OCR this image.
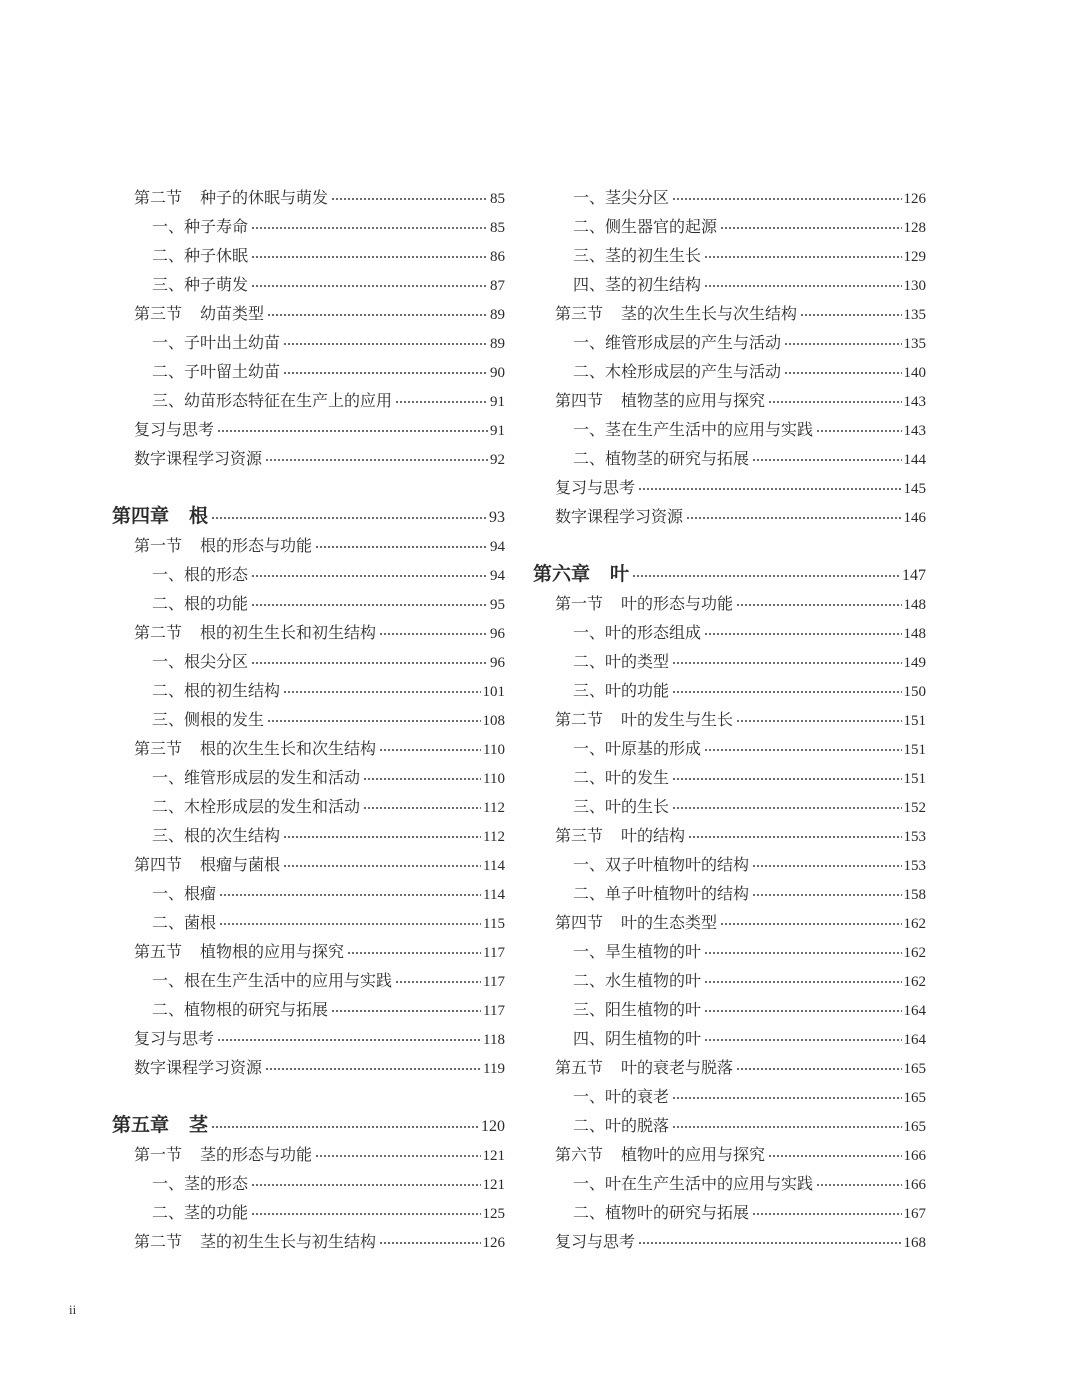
第二节 种子的休眠与萌发	85
一、种子寿命	85
二、种子休眠	86
三、种子萌发	87
第三节 幼苗类型	89
一、子叶出土幼苗	89
二、子叶留土幼苗	90
三、幼苗形态特征在生产上的应用	91
复习与思考	91
数字课程学习资源	92
第四章 根	93
第一节 根的形态与功能	94
一、根的形态	94
二、根的功能	95
第二节 根的初生生长和初生结构	96
一、根尖分区	96
二、根的初生结构	101
三、侧根的发生	108
第三节 根的次生生长和次生结构	110
一、维管形成层的发生和活动	110
二、木栓形成层的发生和活动	112
三、根的次生结构	112
第四节 根瘤与菌根	114
一、根瘤	114
二、菌根	115
第五节 植物根的应用与探究	117
一、根在生产生活中的应用与实践	117
二、植物根的研究与拓展	117
复习与思考	118
数字课程学习资源	119
第五章 茎	120
第一节 茎的形态与功能	121
一、茎的形态	121
二、茎的功能	125
第二节 茎的初生生长与初生结构	126
一、茎尖分区	126
二、侧生器官的起源	128
三、茎的初生生长	129
四、茎的初生结构	130
第三节 茎的次生生长与次生结构	135
一、维管形成层的产生与活动	135
二、木栓形成层的产生与活动	140
第四节 植物茎的应用与探究	143
一、茎在生产生活中的应用与实践	143
二、植物茎的研究与拓展	144
复习与思考	145
数字课程学习资源	146
第六章 叶	147
第一节 叶的形态与功能	148
一、叶的形态组成	148
二、叶的类型	149
三、叶的功能	150
第二节 叶的发生与生长	151
一、叶原基的形成	151
二、叶的发生	151
三、叶的生长	152
第三节 叶的结构	153
一、双子叶植物叶的结构	153
二、单子叶植物叶的结构	158
第四节 叶的生态类型	162
一、旱生植物的叶	162
二、水生植物的叶	162
三、阳生植物的叶	164
四、阴生植物的叶	164
第五节 叶的衰老与脱落	165
一、叶的衰老	165
二、叶的脱落	165
第六节 植物叶的应用与探究	166
一、叶在生产生活中的应用与实践	166
二、植物叶的研究与拓展	167
复习与思考	168
ii
